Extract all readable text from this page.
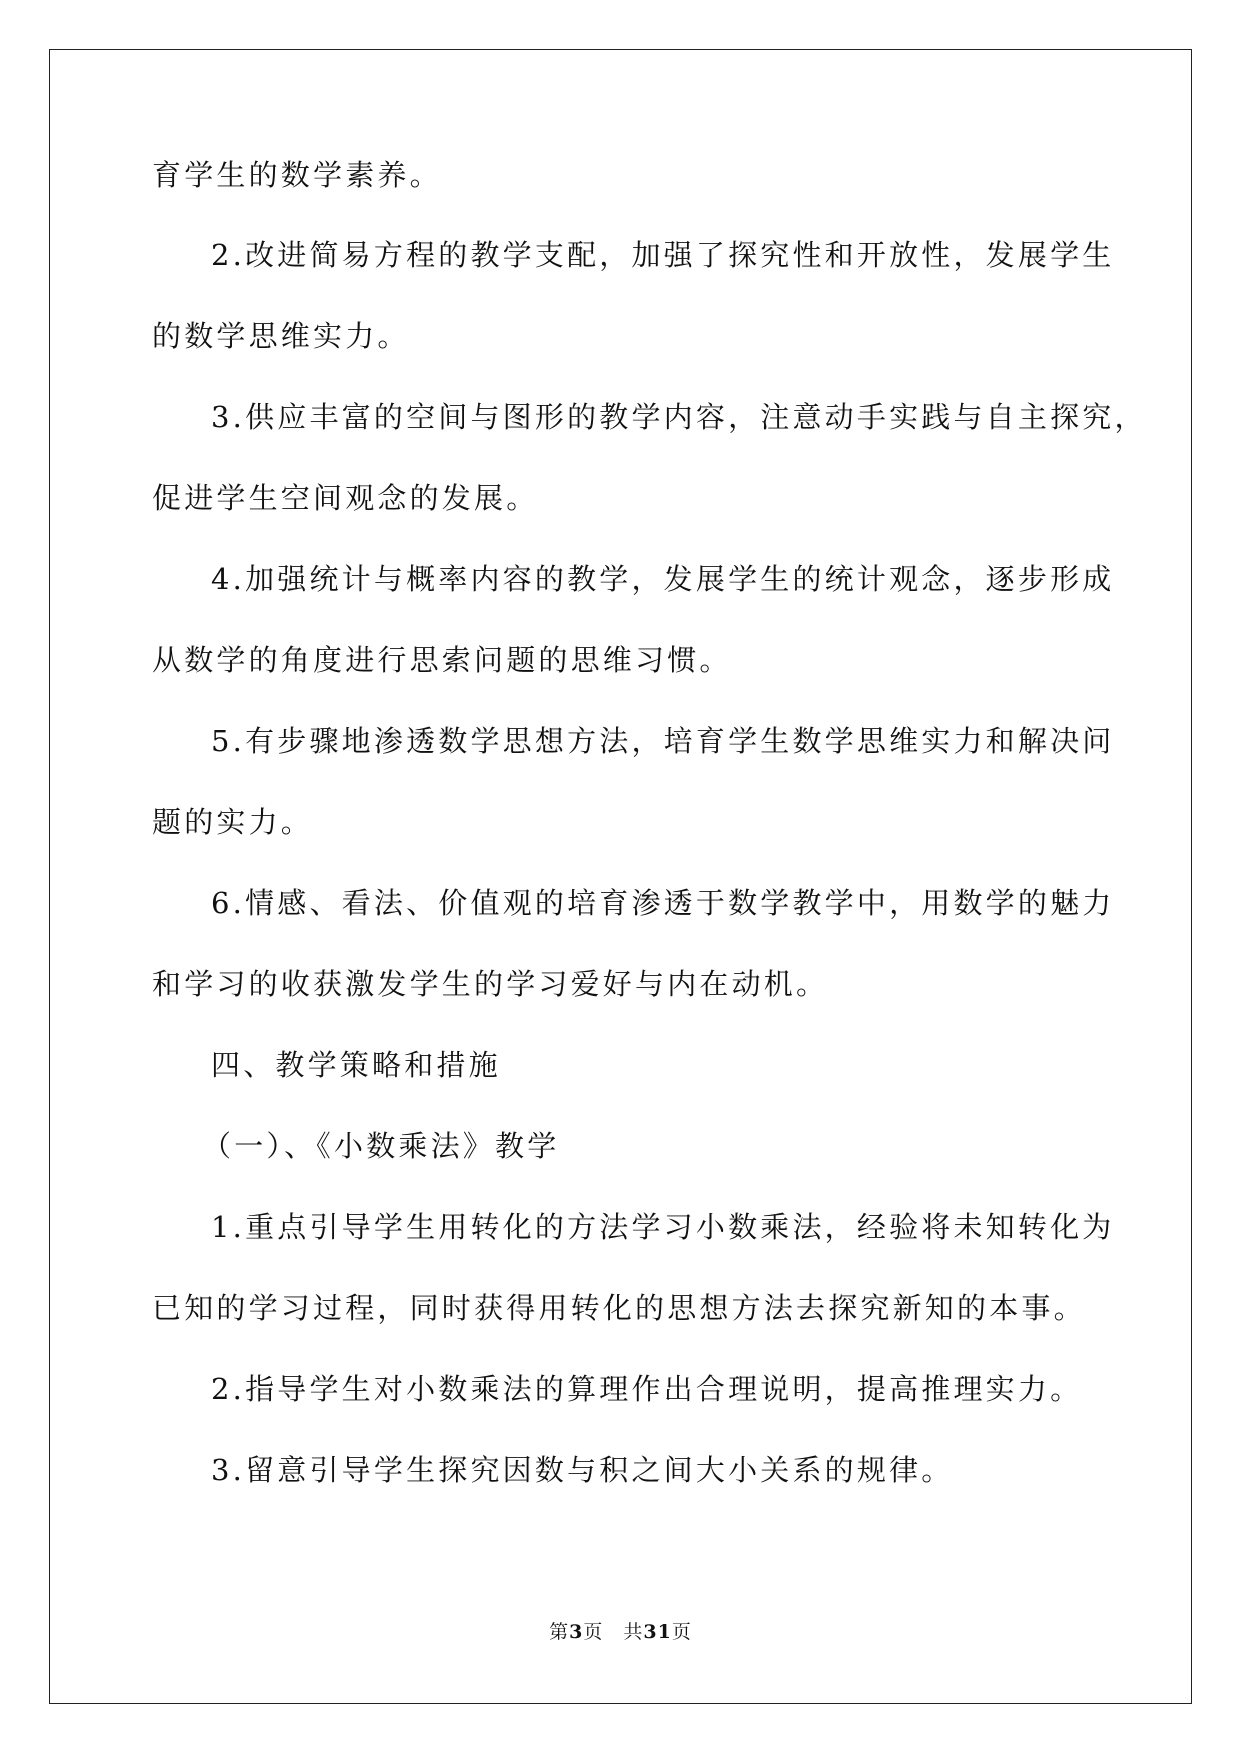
育学生的数学素养。
2.改进简易方程的教学支配，加强了探究性和开放性，发展学生
的数学思维实力。
3.供应丰富的空间与图形的教学内容，注意动手实践与自主探究，
促进学生空间观念的发展。
4.加强统计与概率内容的教学，发展学生的统计观念，逐步形成
从数学的角度进行思索问题的思维习惯。
5.有步骤地渗透数学思想方法，培育学生数学思维实力和解决问
题的实力。
6.情感、看法、价值观的培育渗透于数学教学中，用数学的魅力
和学习的收获激发学生的学习爱好与内在动机。
四、教学策略和措施
（一）、《小数乘法》教学
1.重点引导学生用转化的方法学习小数乘法，经验将未知转化为
已知的学习过程，同时获得用转化的思想方法去探究新知的本事。
2.指导学生对小数乘法的算理作出合理说明，提高推理实力。
3.留意引导学生探究因数与积之间大小关系的规律。
第3页　共31页
